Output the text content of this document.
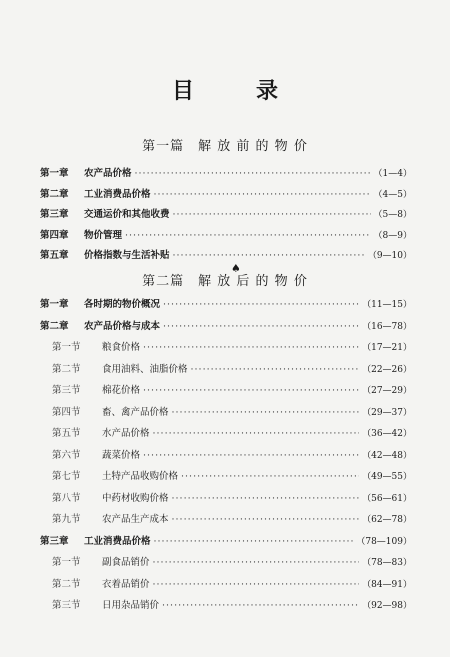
目	录
第一篇　解 放 前 的 物 价
第一章	农产品价格 ·····	（1—4）
第二章	工业消费品价格 ·····	（4—5）
第三章	交通运价和其他收费 ·····	（5—8）
第四章	物价管理 ·····	（8—9）
第五章	价格指数与生活补贴 ·····	（9—10）
第二篇　解 放 后 的 物 价
♠
第一章	各时期的物价概况 ·····	（11—15）
第二章	农产品价格与成本 ·····	（16—78）
第一节	粮食价格 ·····	（17—21）
第二节	食用油料、油脂价格 ·····	（22—26）
第三节	棉花价格 ·····	（27—29）
第四节	畜、禽产品价格 ·····	（29—37）
第五节	水产品价格 ·····	（36—42）
第六节	蔬菜价格 ·····	（42—48）
第七节	土特产品收购价格 ·····	（49—55）
第八节	中药材收购价格 ·····	（56—61）
第九节	农产品生产成本 ·····	（62—78）
第三章	工业消费品价格 ·····	（78—109）
第一节	副食品销价 ·····	（78—83）
第二节	衣着品销价 ·····	（84—91）
第三节	日用杂品销价 ·····	（92—98）
